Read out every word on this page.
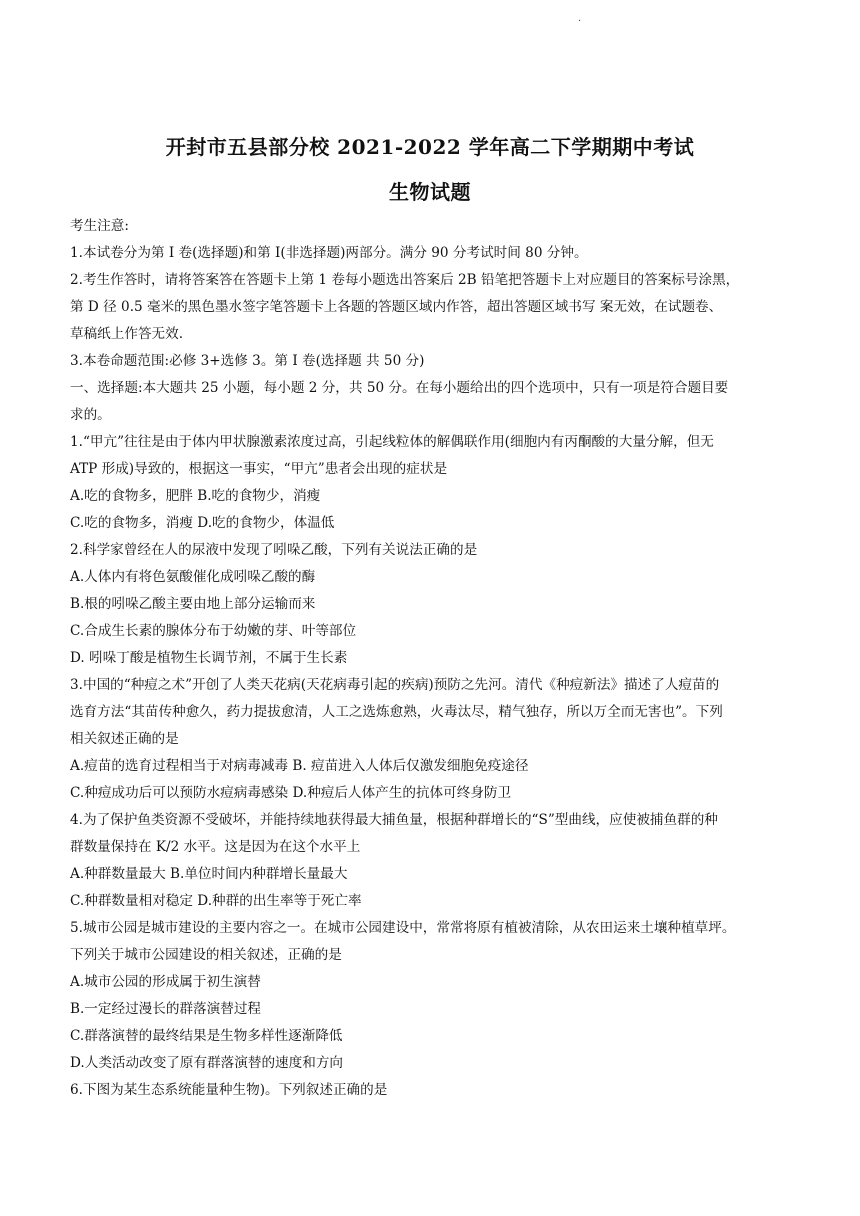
·
开封市五县部分校 2021-2022 学年高二下学期期中考试
生物试题
考生注意:
1.本试卷分为第 I 卷(选择题)和第 I(非选择题)两部分。满分 90 分考试时间 80 分钟。
2.考生作答时，请将答案答在答题卡上第 1 卷每小题选出答案后 2B 铅笔把答题卡上对应题目的答案标号涂黑，
第 D 径 0.5 毫米的黑色墨水签字笔答题卡上各题的答题区域内作答，超出答题区域书写 案无效，在试题卷、
草稿纸上作答无效.
3.本卷命题范围:必修 3+选修 3。第 I 卷(选择题 共 50 分)
一、选择题:本大题共 25 小题，每小题 2 分，共 50 分。在每小题给出的四个选项中，只有一项是符合题目要
求的。
1.“甲亢”往往是由于体内甲状腺激素浓度过高，引起线粒体的解偶联作用(细胞内有丙酮酸的大量分解，但无
ATP 形成)导致的，根据这一事实，“甲亢”患者会出现的症状是
A.吃的食物多，肥胖 B.吃的食物少，消瘦
C.吃的食物多，消瘦 D.吃的食物少，体温低
2.科学家曾经在人的尿液中发现了吲哚乙酸，下列有关说法正确的是
A.人体内有将色氨酸催化成吲哚乙酸的酶
B.根的吲哚乙酸主要由地上部分运输而来
C.合成生长素的腺体分布于幼嫩的芽、叶等部位
D. 吲哚丁酸是植物生长调节剂，不属于生长素
3.中国的“种痘之术”开创了人类天花病(天花病毒引起的疾病)预防之先河。清代《种痘新法》描述了人痘苗的
选育方法“其苗传种愈久，药力提拔愈清，人工之选炼愈熟，火毒汰尽，精气独存，所以万全而无害也”。下列
相关叙述正确的是
A.痘苗的选育过程相当于对病毒减毒 B. 痘苗进入人体后仅激发细胞免疫途径
C.种痘成功后可以预防水痘病毒感染 D.种痘后人体产生的抗体可终身防卫
4.为了保护鱼类资源不受破坏，并能持续地获得最大捕鱼量，根据种群增长的“S”型曲线，应使被捕鱼群的种
群数量保持在 K/2 水平。这是因为在这个水平上
A.种群数量最大 B.单位时间内种群增长量最大
C.种群数量相对稳定 D.种群的出生率等于死亡率
5.城市公园是城市建设的主要内容之一。在城市公园建设中，常常将原有植被清除，从农田运来土壤种植草坪。
下列关于城市公园建设的相关叙述，正确的是
A.城市公园的形成属于初生演替
B.一定经过漫长的群落演替过程
C.群落演替的最终结果是生物多样性逐渐降低
D.人类活动改变了原有群落演替的速度和方向
6.下图为某生态系统能量种生物)。下列叙述正确的是
